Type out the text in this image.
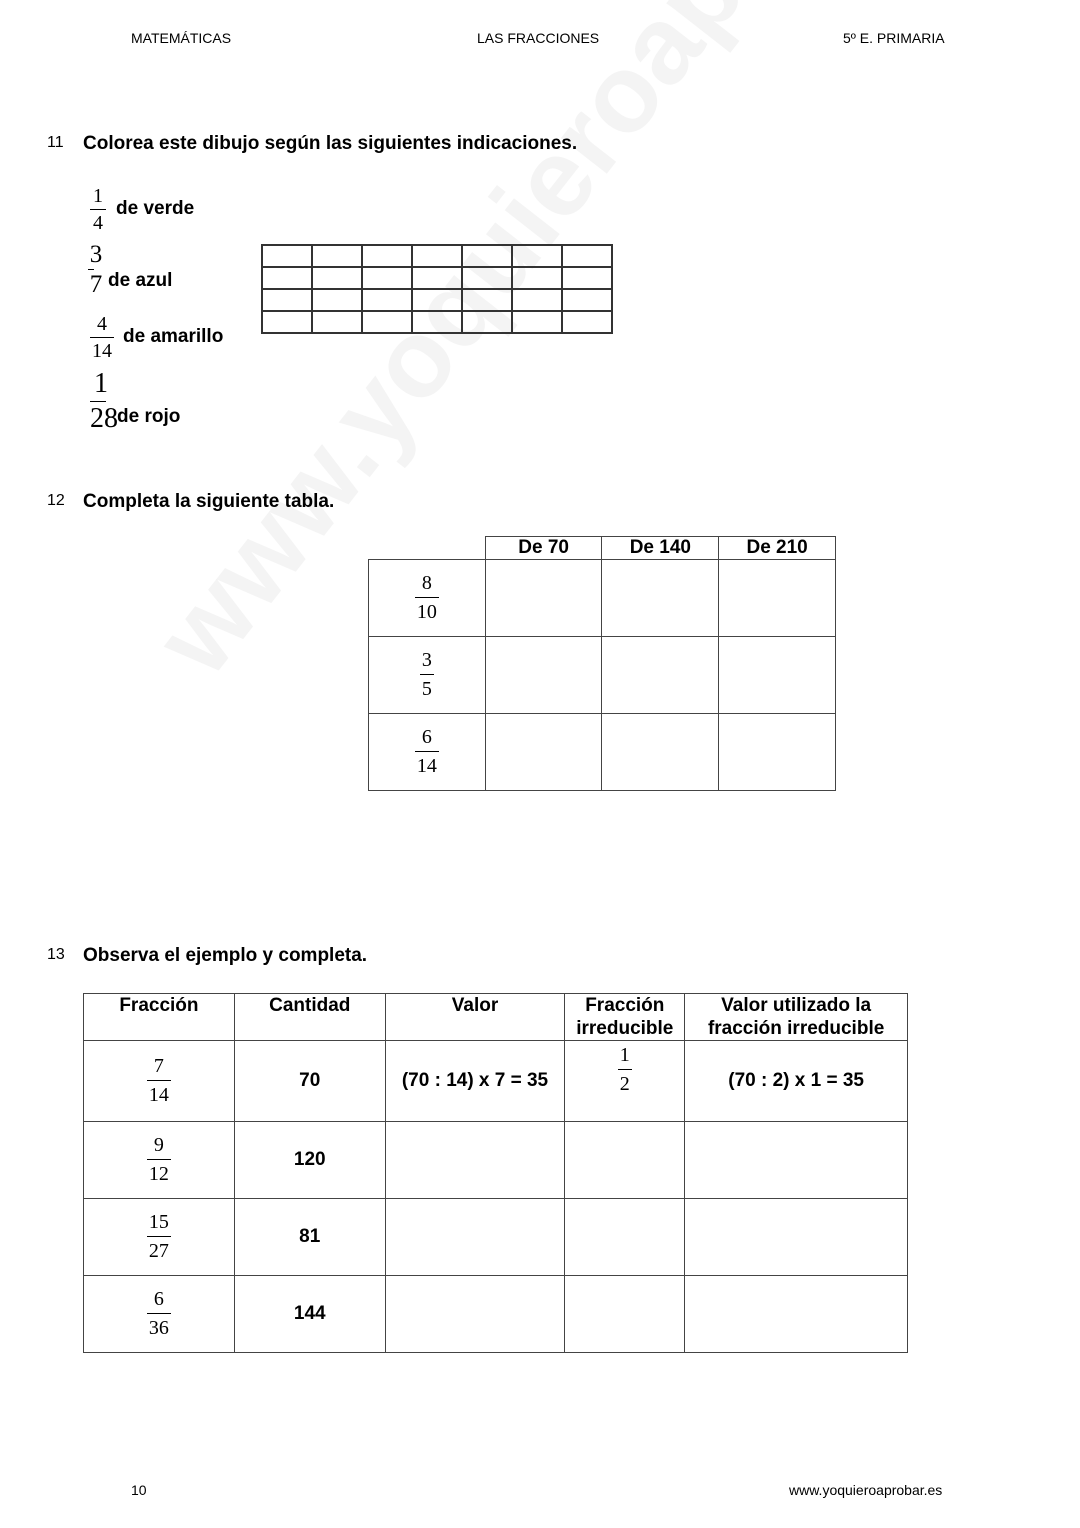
MATEMÁTICAS	LAS FRACCIONES	5º E. PRIMARIA
11 Colorea este dibujo según las siguientes indicaciones.
1
4
de verde
3
7 de azul
4
14
de amarillo
1
28 de rojo

12 Completa la siguiente tabla.
	De 70	De 140	De 210

$\frac{8}{10}$

$\frac{3}{5}$

$\frac{6}{14}$

13 Observa el ejemplo y completa.
Fracción	Cantidad	Valor	Fracción irreducible	Valor utilizado la fracción irreducible

$\frac{7}{14}$	70	(70 : 14) x 7 = 35	$\frac{1}{2}$	(70 : 2) x 1 = 35

$\frac{9}{12}$	120			

$\frac{15}{27}$	81			

$\frac{6}{36}$	144			
10	www.yoquieroaprobar.es
